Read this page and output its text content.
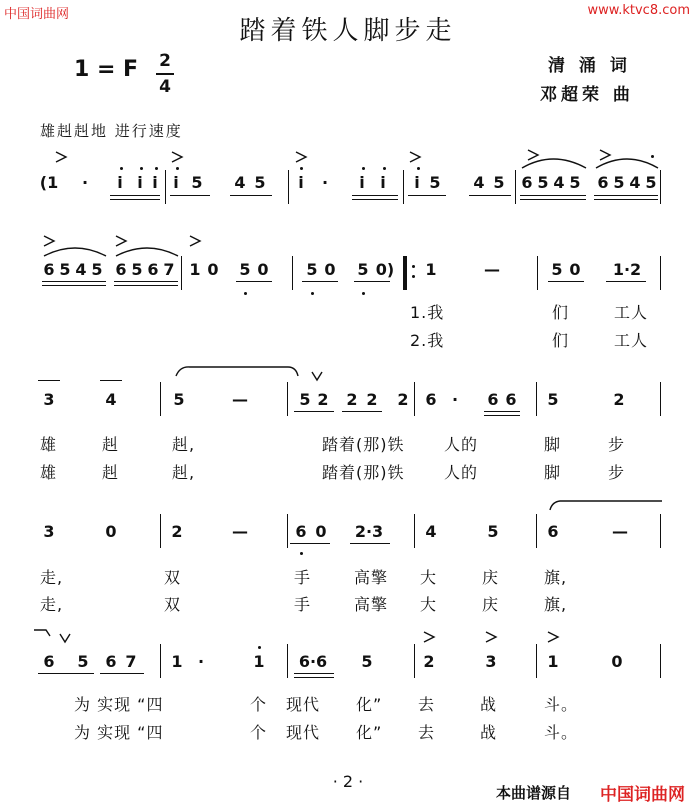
中国词曲网	www.ktvc8.com
踏着铁人脚步走
1 = F 2
4
清 涌 词
邓超荣 曲
雄赳赳地 进行速度
(1 · i i i i 5 4 5 i · i i i 5 4 5 6 5 4 5 6 5 4 5
6 5 4 5 6 5 6 7 1 0 5 0 5 0 5 0) 1	—	5 0 1·2
1.我	们	工人
2.我	们	工人
3	4	5	—	5 2 2 2 2 6 · 6 6 5	2
雄	赳	赳,	踏着(那)铁 人的	脚	步
雄	赳	赳,	踏着(那)铁 人的	脚	步
3	0	2	—	6 0 2·3	4	5	6	—
走,	双	手	高擎 大	庆	旗,
走,	双	手	高擎 大	庆	旗,
6 5 6 7 1 ·	1 6·6 5	2	3	1	0
为 实现 “四	个 现代 化” 去	战	斗。
为 实现 “四	个 现代 化” 去	战	斗。
· 2 ·
本曲谱源自 中国词曲网
